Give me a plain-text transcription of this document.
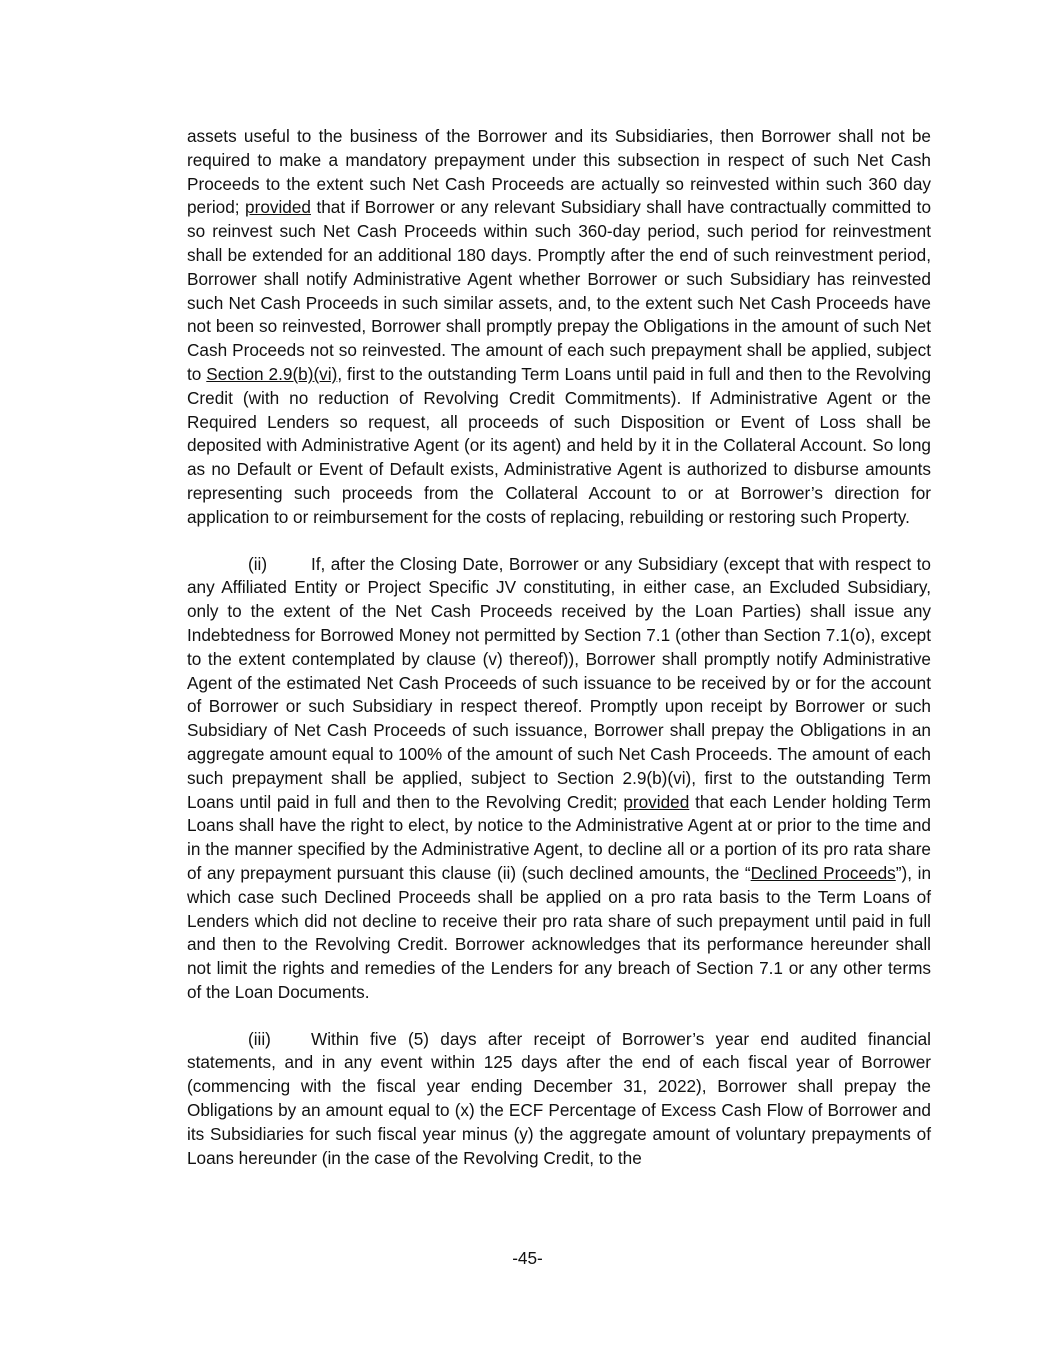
assets useful to the business of the Borrower and its Subsidiaries, then Borrower shall not be required to make a mandatory prepayment under this subsection in respect of such Net Cash Proceeds to the extent such Net Cash Proceeds are actually so reinvested within such 360 day period; provided that if Borrower or any relevant Subsidiary shall have contractually committed to so reinvest such Net Cash Proceeds within such 360-day period, such period for reinvestment shall be extended for an additional 180 days. Promptly after the end of such reinvestment period, Borrower shall notify Administrative Agent whether Borrower or such Subsidiary has reinvested such Net Cash Proceeds in such similar assets, and, to the extent such Net Cash Proceeds have not been so reinvested, Borrower shall promptly prepay the Obligations in the amount of such Net Cash Proceeds not so reinvested. The amount of each such prepayment shall be applied, subject to Section 2.9(b)(vi), first to the outstanding Term Loans until paid in full and then to the Revolving Credit (with no reduction of Revolving Credit Commitments). If Administrative Agent or the Required Lenders so request, all proceeds of such Disposition or Event of Loss shall be deposited with Administrative Agent (or its agent) and held by it in the Collateral Account. So long as no Default or Event of Default exists, Administrative Agent is authorized to disburse amounts representing such proceeds from the Collateral Account to or at Borrower’s direction for application to or reimbursement for the costs of replacing, rebuilding or restoring such Property.

(ii)	If, after the Closing Date, Borrower or any Subsidiary (except that with respect to any Affiliated Entity or Project Specific JV constituting, in either case, an Excluded Subsidiary, only to the extent of the Net Cash Proceeds received by the Loan Parties) shall issue any Indebtedness for Borrowed Money not permitted by Section 7.1 (other than Section 7.1(o), except to the extent contemplated by clause (v) thereof)), Borrower shall promptly notify Administrative Agent of the estimated Net Cash Proceeds of such issuance to be received by or for the account of Borrower or such Subsidiary in respect thereof. Promptly upon receipt by Borrower or such Subsidiary of Net Cash Proceeds of such issuance, Borrower shall prepay the Obligations in an aggregate amount equal to 100% of the amount of such Net Cash Proceeds. The amount of each such prepayment shall be applied, subject to Section 2.9(b)(vi), first to the outstanding Term Loans until paid in full and then to the Revolving Credit; provided that each Lender holding Term Loans shall have the right to elect, by notice to the Administrative Agent at or prior to the time and in the manner specified by the Administrative Agent, to decline all or a portion of its pro rata share of any prepayment pursuant this clause (ii) (such declined amounts, the “Declined Proceeds”), in which case such Declined Proceeds shall be applied on a pro rata basis to the Term Loans of Lenders which did not decline to receive their pro rata share of such prepayment until paid in full and then to the Revolving Credit. Borrower acknowledges that its performance hereunder shall not limit the rights and remedies of the Lenders for any breach of Section 7.1 or any other terms of the Loan Documents.

(iii) Within five (5) days after receipt of Borrower’s year end audited financial statements, and in any event within 125 days after the end of each fiscal year of Borrower (commencing with the fiscal year ending December 31, 2022), Borrower shall prepay the Obligations by an amount equal to (x) the ECF Percentage of Excess Cash Flow of Borrower and its Subsidiaries for such fiscal year minus (y) the aggregate amount of voluntary prepayments of Loans hereunder (in the case of the Revolving Credit, to the

-45-
